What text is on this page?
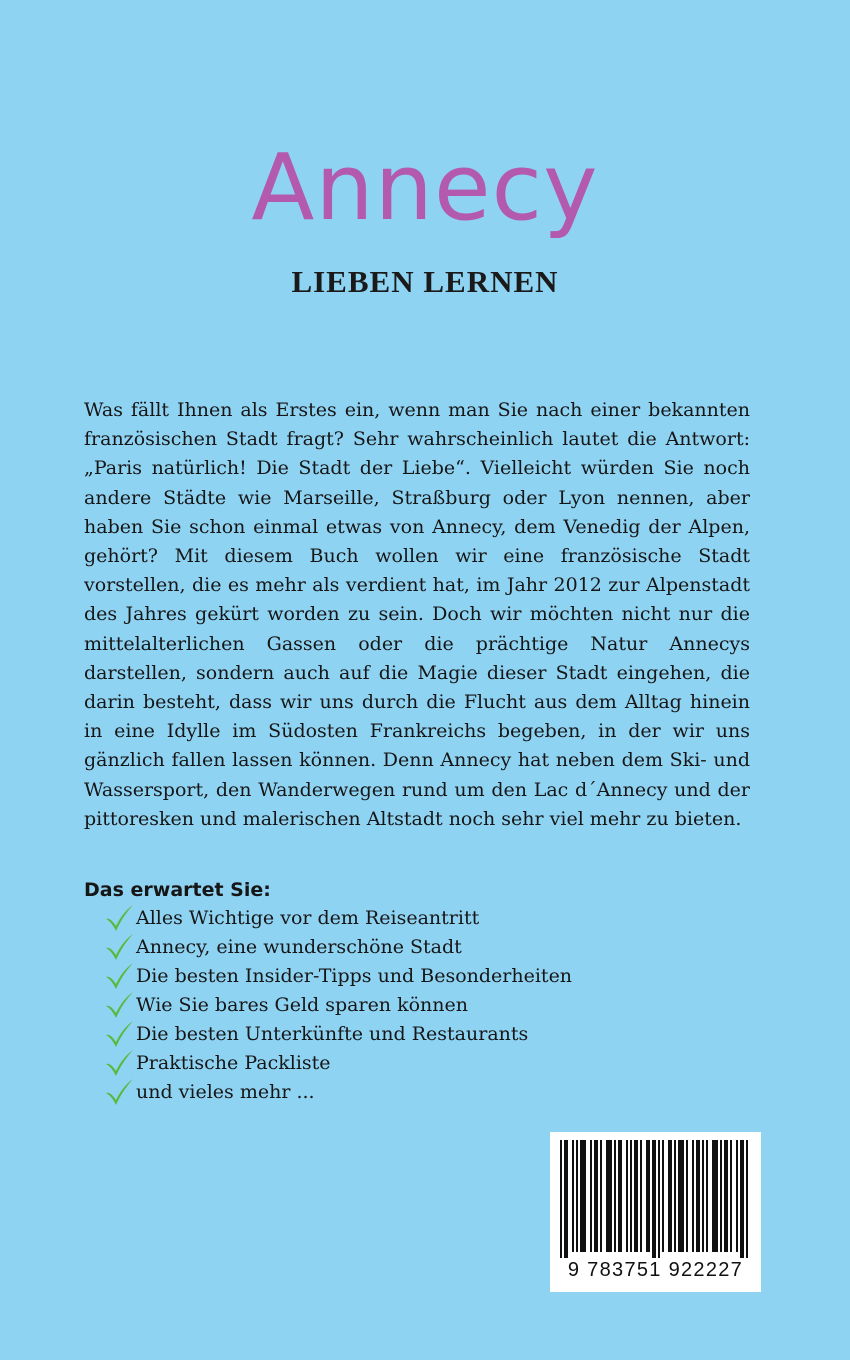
Annecy
LIEBEN LERNEN

Was fällt Ihnen als Erstes ein, wenn man Sie nach einer bekannten französischen Stadt fragt? Sehr wahrscheinlich lautet die Antwort: „Paris natürlich! Die Stadt der Liebe“. Vielleicht würden Sie noch andere Städte wie Marseille, Straßburg oder Lyon nennen, aber haben Sie schon einmal etwas von Annecy, dem Venedig der Alpen, gehört? Mit diesem Buch wollen wir eine französische Stadt vorstellen, die es mehr als verdient hat, im Jahr 2012 zur Alpenstadt des Jahres gekürt worden zu sein. Doch wir möchten nicht nur die mittelalterlichen Gassen oder die prächtige Natur Annecys darstellen, sondern auch auf die Magie dieser Stadt eingehen, die darin besteht, dass wir uns durch die Flucht aus dem Alltag hinein in eine Idylle im Südosten Frankreichs begeben, in der wir uns gänzlich fallen lassen können. Denn Annecy hat neben dem Ski- und Wassersport, den Wanderwegen rund um den Lac d´Annecy und der pittoresken und malerischen Altstadt noch sehr viel mehr zu bieten.

Das erwartet Sie:
Alles Wichtige vor dem Reiseantritt
Annecy, eine wunderschöne Stadt
Die besten Insider-Tipps und Besonderheiten
Wie Sie bares Geld sparen können
Die besten Unterkünfte und Restaurants
Praktische Packliste
und vieles mehr ...
9 783751 922227
